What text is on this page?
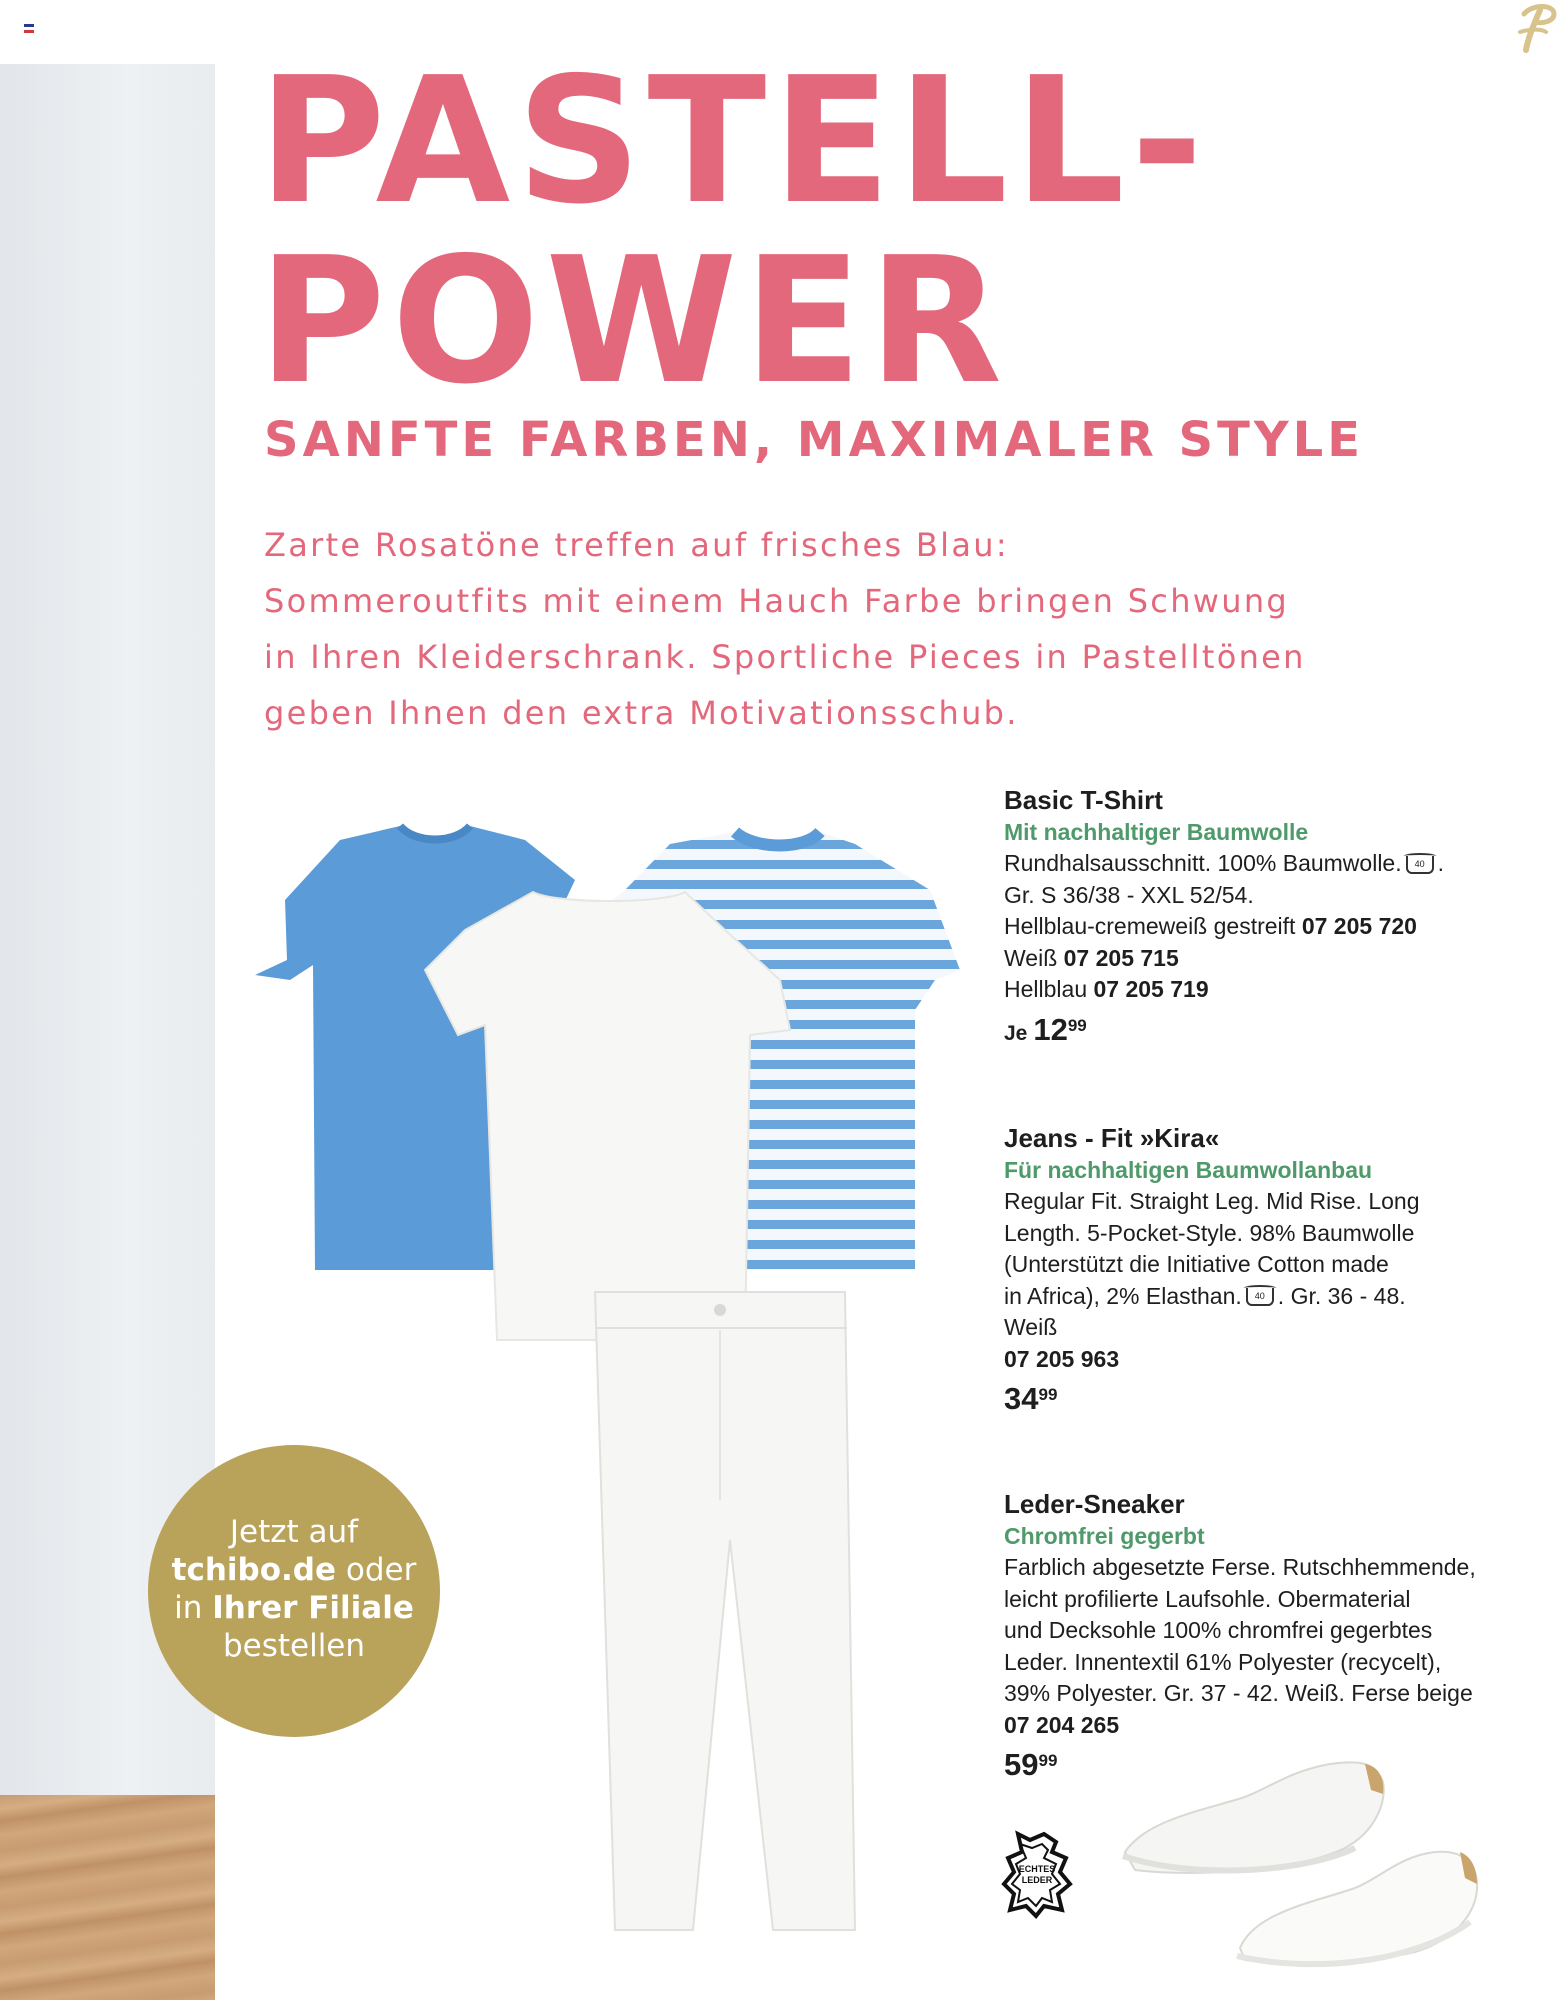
PASTELL-
POWER
SANFTE FARBEN, MAXIMALER STYLE
Zarte Rosatöne treffen auf frisches Blau:
Sommeroutfits mit einem Hauch Farbe bringen Schwung
in Ihren Kleiderschrank. Sportliche Pieces in Pastelltönen
geben Ihnen den extra Motivationsschub.
Basic T-Shirt
Mit nachhaltiger Baumwolle
Rundhalsausschnitt. 100% Baumwolle. 40 .
Gr. S 36/38 - XXL 52/54.
Hellblau-cremeweiß gestreift 07 205 720
Weiß 07 205 715
Hellblau 07 205 719
Je $12^{99}$
Jeans - Fit »Kira«
Für nachhaltigen Baumwollanbau
Regular Fit. Straight Leg. Mid Rise. Long
Length. 5-Pocket-Style. 98% Baumwolle
(Unterstützt die Initiative Cotton made
in Africa), 2% Elasthan. 40 . Gr. 36 - 48.
Weiß
07 205 963
$34^{99}$
Leder-Sneaker
Chromfrei gegerbt
Farblich abgesetzte Ferse. Rutschhemmende,
leicht profilierte Laufsohle. Obermaterial
und Decksohle 100% chromfrei gegerbtes
Leder. Innentextil 61% Polyester (recycelt),
39% Polyester. Gr. 37 - 42. Weiß. Ferse beige
07 204 265
$59^{99}$
Jetzt auf
tchibo.de oder
in Ihrer Filiale
bestellen
ECHTES
LEDER
